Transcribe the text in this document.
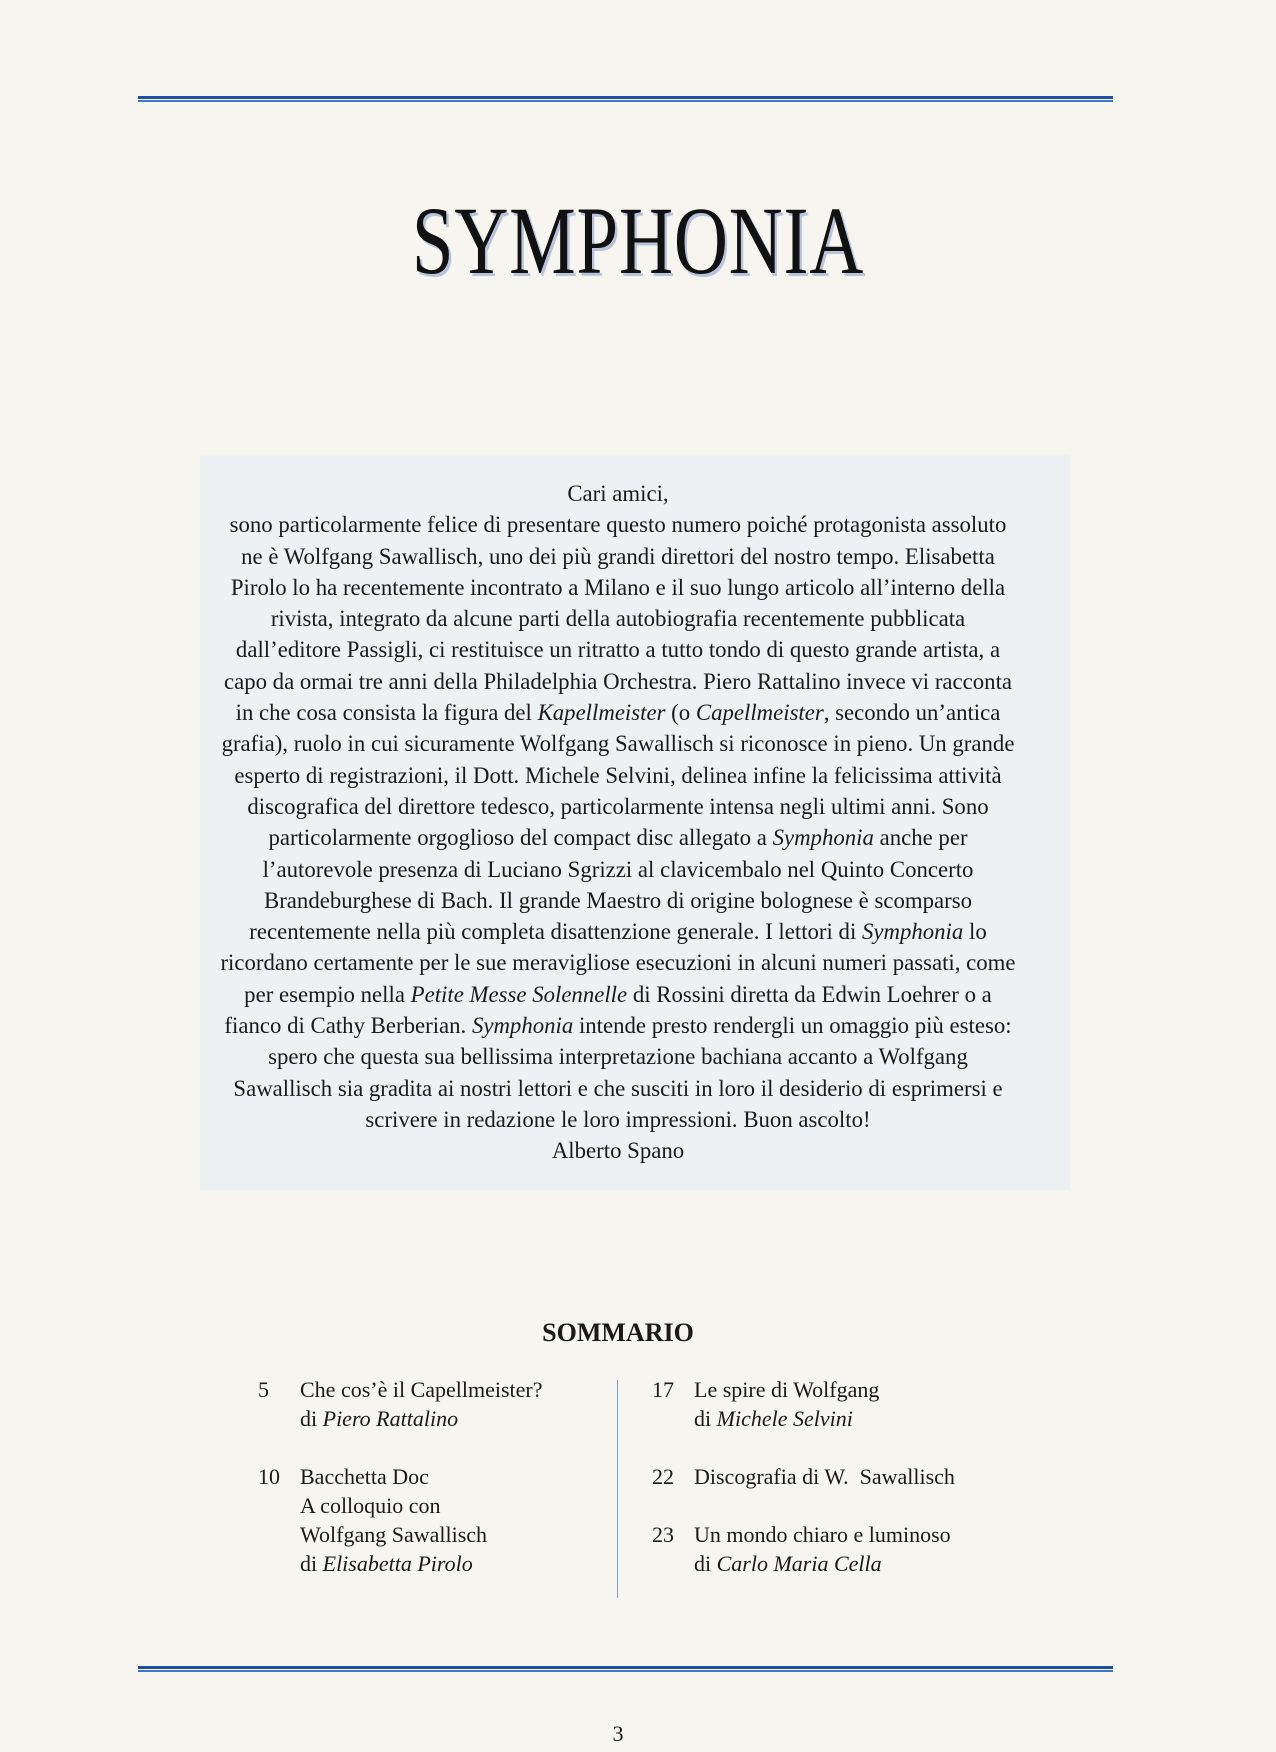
SYMPHONIA
Cari amici,
sono particolarmente felice di presentare questo numero poiché protagonista assoluto
ne è Wolfgang Sawallisch, uno dei più grandi direttori del nostro tempo. Elisabetta
Pirolo lo ha recentemente incontrato a Milano e il suo lungo articolo all’interno della
rivista, integrato da alcune parti della autobiografia recentemente pubblicata
dall’editore Passigli, ci restituisce un ritratto a tutto tondo di questo grande artista, a
capo da ormai tre anni della Philadelphia Orchestra. Piero Rattalino invece vi racconta
in che cosa consista la figura del Kapellmeister (o Capellmeister, secondo un’antica
grafia), ruolo in cui sicuramente Wolfgang Sawallisch si riconosce in pieno. Un grande
esperto di registrazioni, il Dott. Michele Selvini, delinea infine la felicissima attività
discografica del direttore tedesco, particolarmente intensa negli ultimi anni. Sono
particolarmente orgoglioso del compact disc allegato a Symphonia anche per
l’autorevole presenza di Luciano Sgrizzi al clavicembalo nel Quinto Concerto
Brandeburghese di Bach. Il grande Maestro di origine bolognese è scomparso
recentemente nella più completa disattenzione generale. I lettori di Symphonia lo
ricordano certamente per le sue meravigliose esecuzioni in alcuni numeri passati, come
per esempio nella Petite Messe Solennelle di Rossini diretta da Edwin Loehrer o a
fianco di Cathy Berberian. Symphonia intende presto rendergli un omaggio più esteso:
spero che questa sua bellissima interpretazione bachiana accanto a Wolfgang
Sawallisch sia gradita ai nostri lettori e che susciti in loro il desiderio di esprimersi e
scrivere in redazione le loro impressioni. Buon ascolto!
Alberto Spano
SOMMARIO
5	Che cos’è il Capellmeister?
di Piero Rattalino
10 Bacchetta Doc
A colloquio con
Wolfgang Sawallisch
di Elisabetta Pirolo
17 Le spire di Wolfgang
di Michele Selvini
22 Discografia di W.  Sawallisch
23 Un mondo chiaro e luminoso
di Carlo Maria Cella
3
